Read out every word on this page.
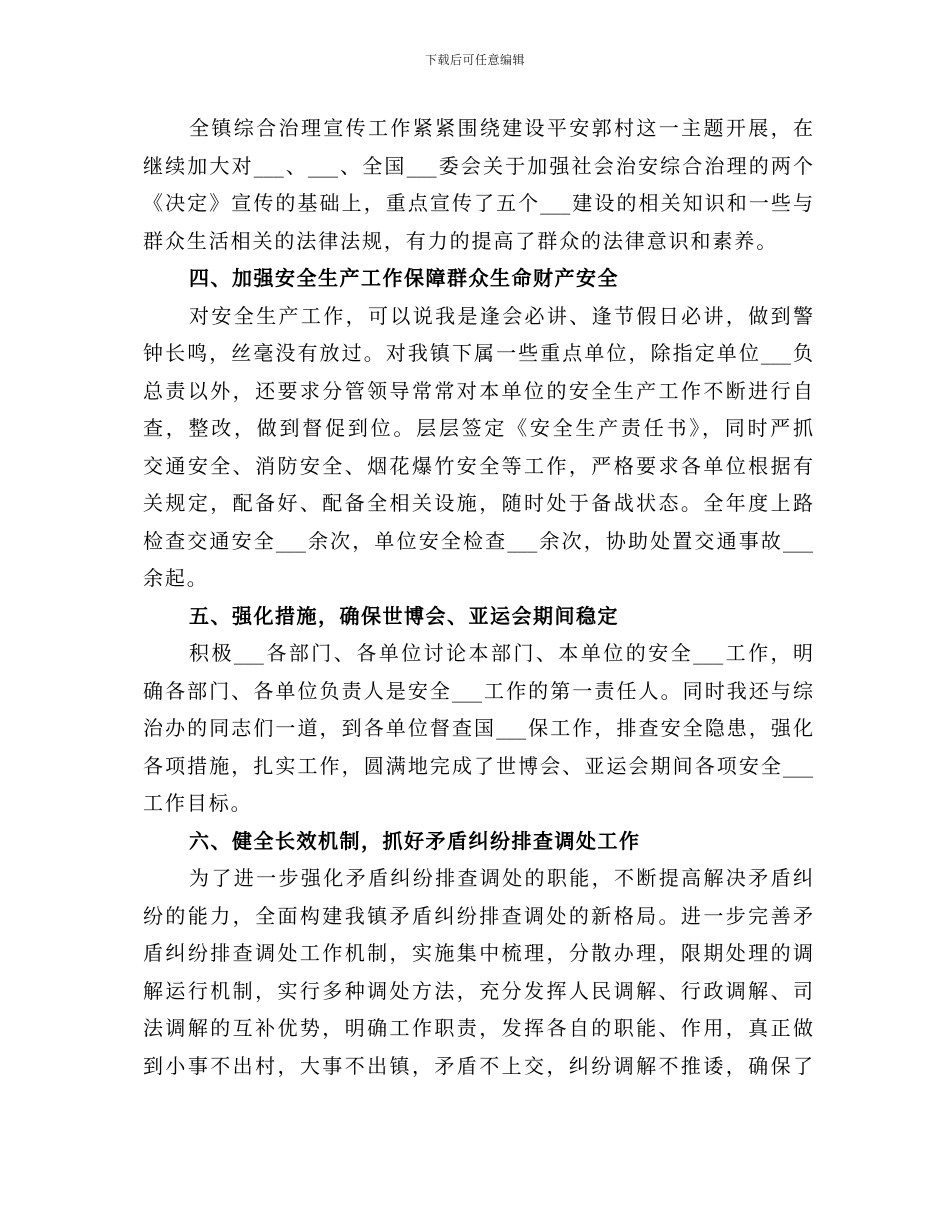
下载后可任意编辑
全镇综合治理宣传工作紧紧围绕建设平安郭村这一主题开展，在
继续加大对___、___、全国___委会关于加强社会治安综合治理的两个
《决定》宣传的基础上，重点宣传了五个___建设的相关知识和一些与
群众生活相关的法律法规，有力的提高了群众的法律意识和素养。
四、加强安全生产工作保障群众生命财产安全
对安全生产工作，可以说我是逢会必讲、逢节假日必讲，做到警
钟长鸣，丝毫没有放过。对我镇下属一些重点单位，除指定单位___负
总责以外，还要求分管领导常常对本单位的安全生产工作不断进行自
查，整改，做到督促到位。层层签定《安全生产责任书》，同时严抓
交通安全、消防安全、烟花爆竹安全等工作，严格要求各单位根据有
关规定，配备好、配备全相关设施，随时处于备战状态。全年度上路
检查交通安全___余次，单位安全检查___余次，协助处置交通事故___
余起。
五、强化措施，确保世博会、亚运会期间稳定
积极___各部门、各单位讨论本部门、本单位的安全___工作，明
确各部门、各单位负责人是安全___工作的第一责任人。同时我还与综
治办的同志们一道，到各单位督查国___保工作，排查安全隐患，强化
各项措施，扎实工作，圆满地完成了世博会、亚运会期间各项安全___
工作目标。
六、健全长效机制，抓好矛盾纠纷排查调处工作
为了进一步强化矛盾纠纷排查调处的职能，不断提高解决矛盾纠
纷的能力，全面构建我镇矛盾纠纷排查调处的新格局。进一步完善矛
盾纠纷排查调处工作机制，实施集中梳理，分散办理，限期处理的调
解运行机制，实行多种调处方法，充分发挥人民调解、行政调解、司
法调解的互补优势，明确工作职责，发挥各自的职能、作用，真正做
到小事不出村，大事不出镇，矛盾不上交，纠纷调解不推诿，确保了
